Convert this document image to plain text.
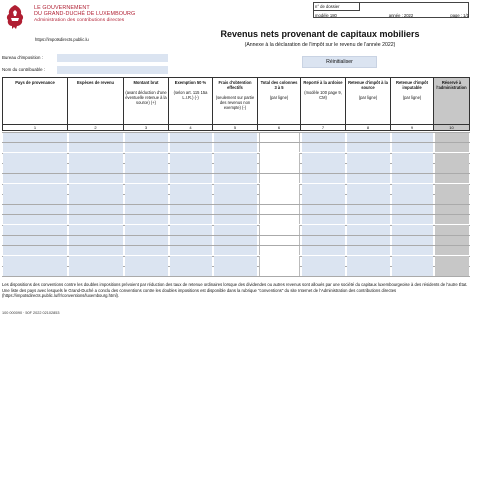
LE GOUVERNEMENT
DU GRAND-DUCHÉ DE LUXEMBOURG
Administration des contributions directes
https://impotsdirects.public.lu
n° de dossier
modèle 180	année : 2022	page : 1/1
Revenus nets provenant de capitaux mobiliers
(Annexe à la déclaration de l'impôt sur le revenu de l'année 2022)
Bureau d'imposition :
Nom du contribuable :
Réinitialiser
Pays de provenance
1
Espèces de revenu
2
Montant brut
(avant déduction d'une éventuelle retenue à la source) (+)
3
Exemption 50 %
(selon art. 115 15a L.I.R.) (-)
4
Frais d'obtention effectifs
(seulement sur partie des revenus non exempte) (-)
5
Total des colonnes 3 à 5
(par ligne)
6
Reporté à la ardoise
(modèle 100 page 9, CM)
7
Retenue d'impôt à la source
(par ligne)
8
Retenue d'impôt imputable
(par ligne)
9
Réservé à l'administration
10
Les dispositions des conventions contre les doubles impositions prévoient par réduction des taux de retenue ordinaires lorsque des dividendes ou autres revenus sont alloués par une société du capitaux luxembourgeoise à des résidents de l'autre État. Une liste des pays avec lesquels le Grand-Duché a conclu des conventions contre les doubles impositions est disponible dans la rubrique "conventions" du site Internet de l'Administration des contributions directes (https://impotsdirects.public.lu/fr/conventions/luxembourg.html).
100 000090 · 50F 2022 02102853
